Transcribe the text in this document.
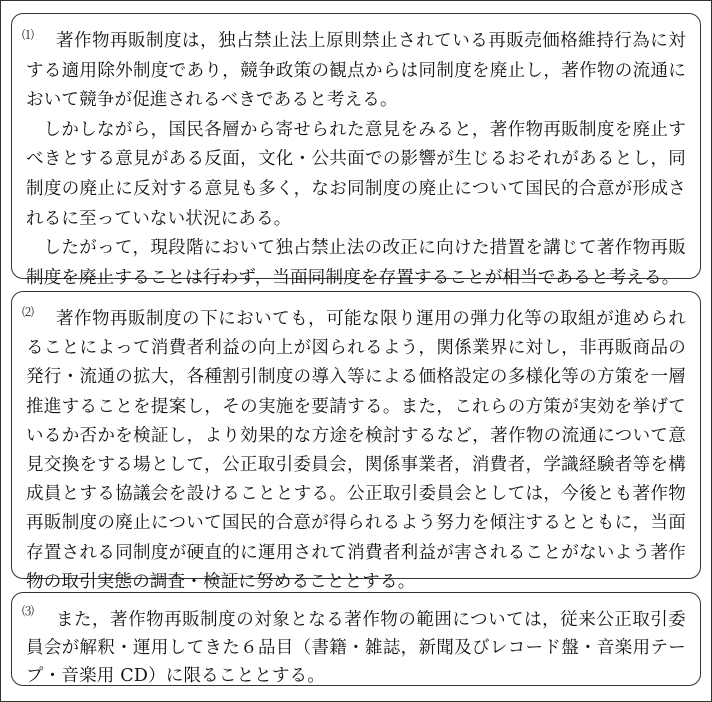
⑴	著作物再販制度は，独占禁止法上原則禁止されている再販売価格維持行為に対する適用除外制度であり，競争政策の観点からは同制度を廃止し，著作物の流通において競争が促進されるべきであると考える。

しかしながら，国民各層から寄せられた意見をみると，著作物再販制度を廃止すべきとする意見がある反面，文化・公共面での影響が生じるおそれがあるとし，同制度の廃止に反対する意見も多く，なお同制度の廃止について国民的合意が形成されるに至っていない状況にある。

したがって，現段階において独占禁止法の改正に向けた措置を講じて著作物再販制度を廃止することは行わず，当面同制度を存置することが相当であると考える。

⑵	著作物再販制度の下においても，可能な限り運用の弾力化等の取組が進められることによって消費者利益の向上が図られるよう，関係業界に対し，非再販商品の発行・流通の拡大，各種割引制度の導入等による価格設定の多様化等の方策を一層推進することを提案し，その実施を要請する。また，これらの方策が実効を挙げているか否かを検証し，より効果的な方途を検討するなど，著作物の流通について意見交換をする場として，公正取引委員会，関係事業者，消費者，学識経験者等を構成員とする協議会を設けることとする。公正取引委員会としては，今後とも著作物再販制度の廃止について国民的合意が得られるよう努力を傾注するとともに，当面存置される同制度が硬直的に運用されて消費者利益が害されることがないよう著作物の取引実態の調査・検証に努めることとする。

⑶	また，著作物再販制度の対象となる著作物の範囲については，従来公正取引委員会が解釈・運用してきた６品目（書籍・雑誌，新聞及びレコード盤・音楽用テープ・音楽用 CD）に限ることとする。
